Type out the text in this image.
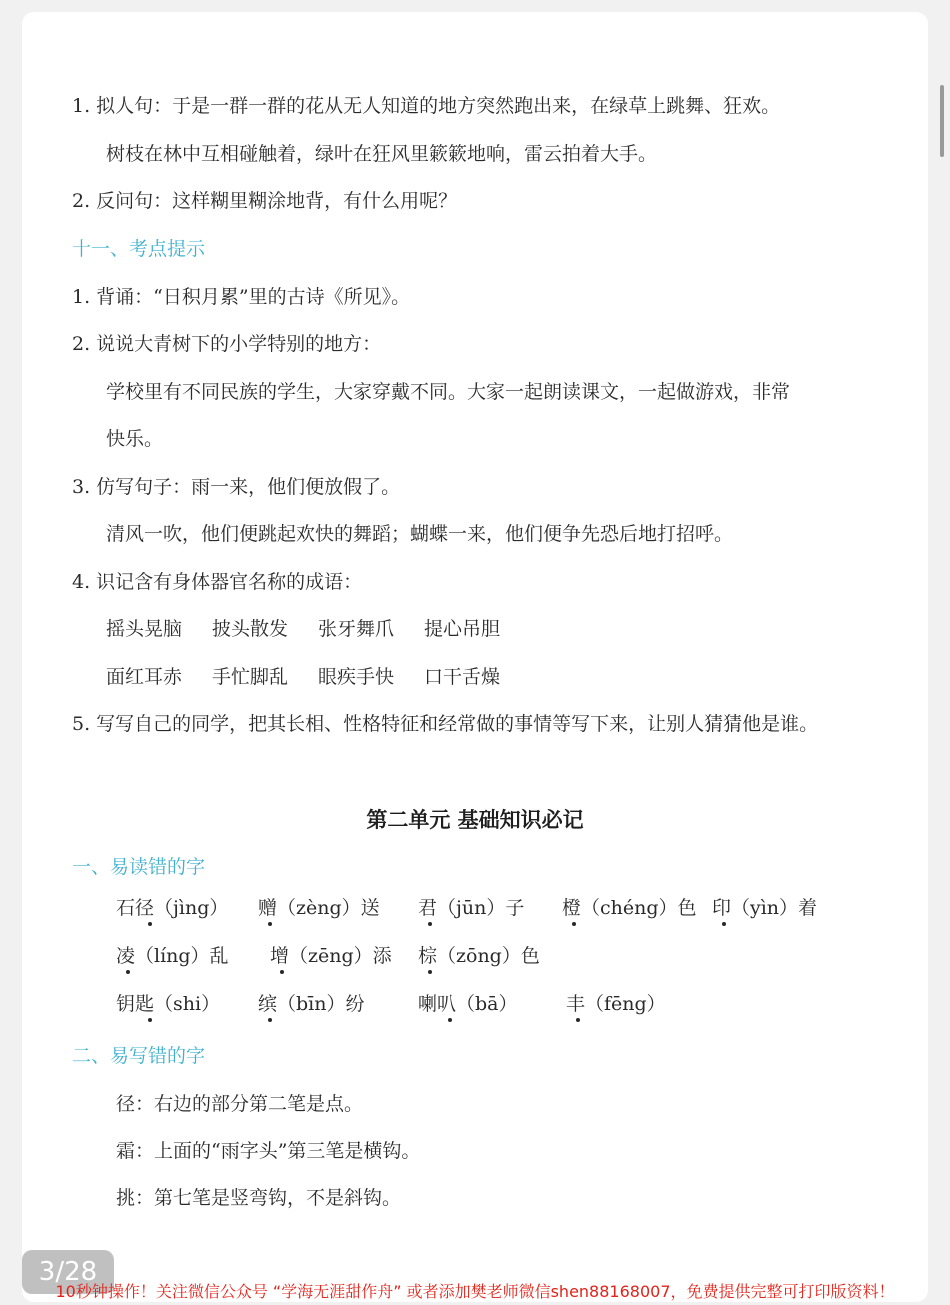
1. 拟人句：于是一群一群的花从无人知道的地方突然跑出来，在绿草上跳舞、狂欢。
树枝在林中互相碰触着，绿叶在狂风里簌簌地响，雷云拍着大手。
2. 反问句：这样糊里糊涂地背，有什么用呢？
十一、考点提示
1. 背诵：“日积月累”里的古诗《所见》。
2. 说说大青树下的小学特别的地方：
学校里有不同民族的学生，大家穿戴不同。大家一起朗读课文，一起做游戏，非常
快乐。
3. 仿写句子：雨一来，他们便放假了。
清风一吹，他们便跳起欢快的舞蹈；蝴蝶一来，他们便争先恐后地打招呼。
4. 识记含有身体器官名称的成语：
摇头晃脑 披头散发 张牙舞爪 提心吊胆
面红耳赤 手忙脚乱 眼疾手快 口干舌燥
5. 写写自己的同学，把其长相、性格特征和经常做的事情等写下来，让别人猜猜他是谁。
第二单元 基础知识必记
一、易读错的字
石径（jìng） 赠（zèng）送 君（jūn）子 橙（chéng）色 印（yìn）着
凌（líng）乱 增（zēng）添 棕（zōng）色
钥匙（shi） 缤（bīn）纷	喇叭（bā）	丰（fēng）
二、易写错的字
径：右边的部分第二笔是点。
霜：上面的“雨字头”第三笔是横钩。
挑：第七笔是竖弯钩，不是斜钩。
3/28
10秒钟操作！关注微信公众号 “学海无涯甜作舟” 或者添加樊老师微信shen88168007，免费提供完整可打印版资料！
